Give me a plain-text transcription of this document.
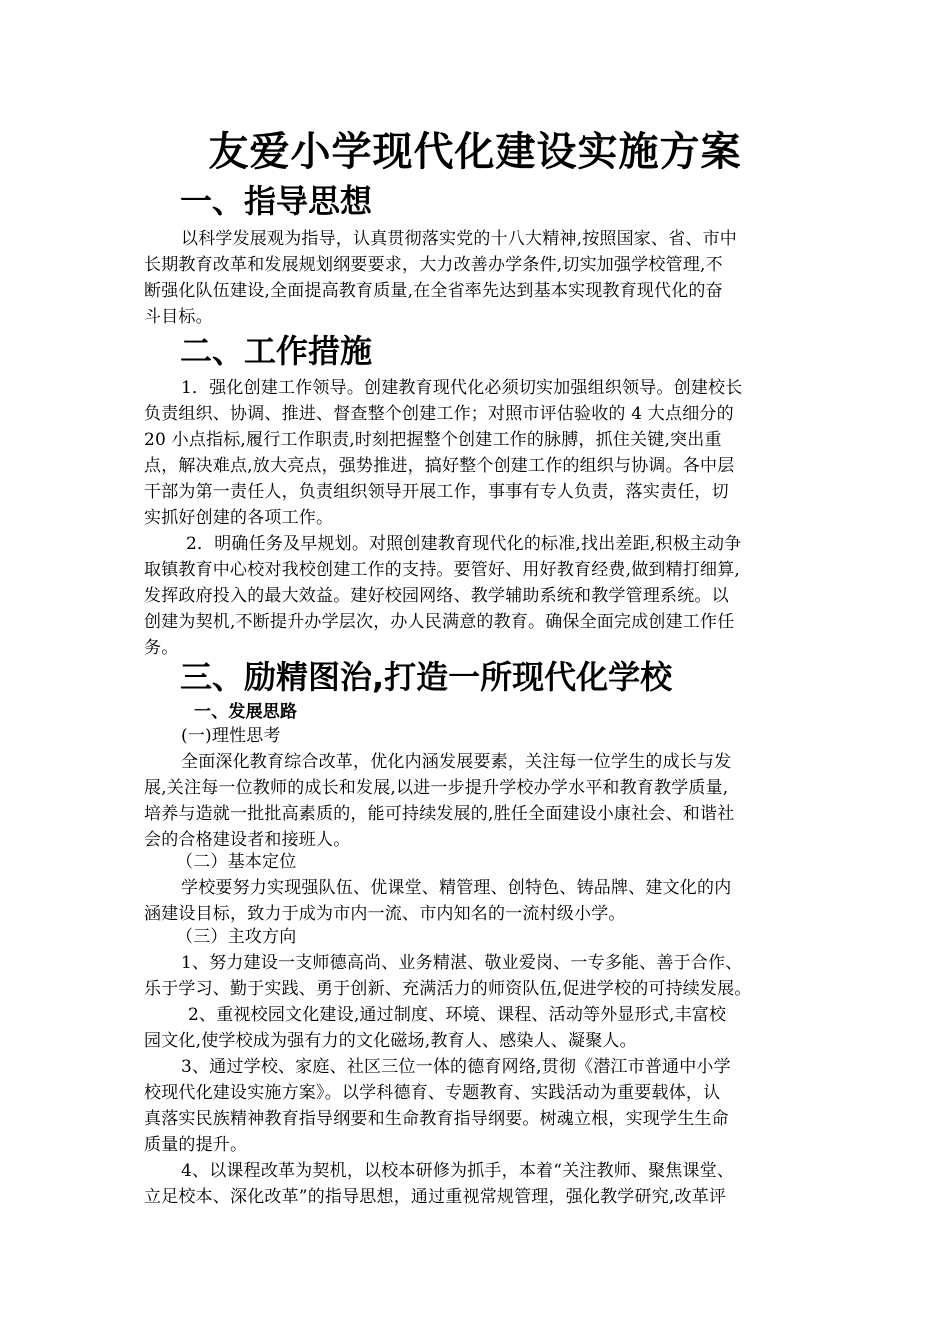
友爱小学现代化建设实施方案
一、指导思想
以科学发展观为指导，认真贯彻落实党的十八大精神,按照国家、省、市中
长期教育改革和发展规划纲要要求，大力改善办学条件,切实加强学校管理,不
断强化队伍建设,全面提高教育质量,在全省率先达到基本实现教育现代化的奋
斗目标。
二、工作措施
1．强化创建工作领导。创建教育现代化必须切实加强组织领导。创建校长
负责组织、协调、推进、督查整个创建工作；对照市评估验收的 4 大点细分的
20 小点指标,履行工作职责,时刻把握整个创建工作的脉膊，抓住关键,突出重
点，解决难点,放大亮点，强势推进，搞好整个创建工作的组织与协调。各中层
干部为第一责任人，负责组织领导开展工作，事事有专人负责，落实责任，切
实抓好创建的各项工作。
2．明确任务及早规划。对照创建教育现代化的标准,找出差距,积极主动争
取镇教育中心校对我校创建工作的支持。要管好、用好教育经费,做到精打细算,
发挥政府投入的最大效益。建好校园网络、教学辅助系统和教学管理系统。以
创建为契机,不断提升办学层次，办人民满意的教育。确保全面完成创建工作任
务。
三、励精图治,打造一所现代化学校
一、发展思路
(一)理性思考
全面深化教育综合改革，优化内涵发展要素，关注每一位学生的成长与发
展,关注每一位教师的成长和发展,以进一步提升学校办学水平和教育教学质量,
培养与造就一批批高素质的，能可持续发展的,胜任全面建设小康社会、和谐社
会的合格建设者和接班人。
（二）基本定位
学校要努力实现强队伍、优课堂、精管理、创特色、铸品牌、建文化的内
涵建设目标，致力于成为市内一流、市内知名的一流村级小学。
（三）主攻方向
1、努力建设一支师德高尚、业务精湛、敬业爱岗、一专多能、善于合作、
乐于学习、勤于实践、勇于创新、充满活力的师资队伍,促进学校的可持续发展。
2、重视校园文化建设,通过制度、环境、课程、活动等外显形式,丰富校
园文化,使学校成为强有力的文化磁场,教育人、感染人、凝聚人。
3、通过学校、家庭、社区三位一体的德育网络,贯彻《潜江市普通中小学
校现代化建设实施方案》。以学科德育、专题教育、实践活动为重要载体，认
真落实民族精神教育指导纲要和生命教育指导纲要。树魂立根，实现学生生命
质量的提升。
4、以课程改革为契机，以校本研修为抓手，本着“关注教师、聚焦课堂、
立足校本、深化改革”的指导思想，通过重视常规管理，强化教学研究,改革评
